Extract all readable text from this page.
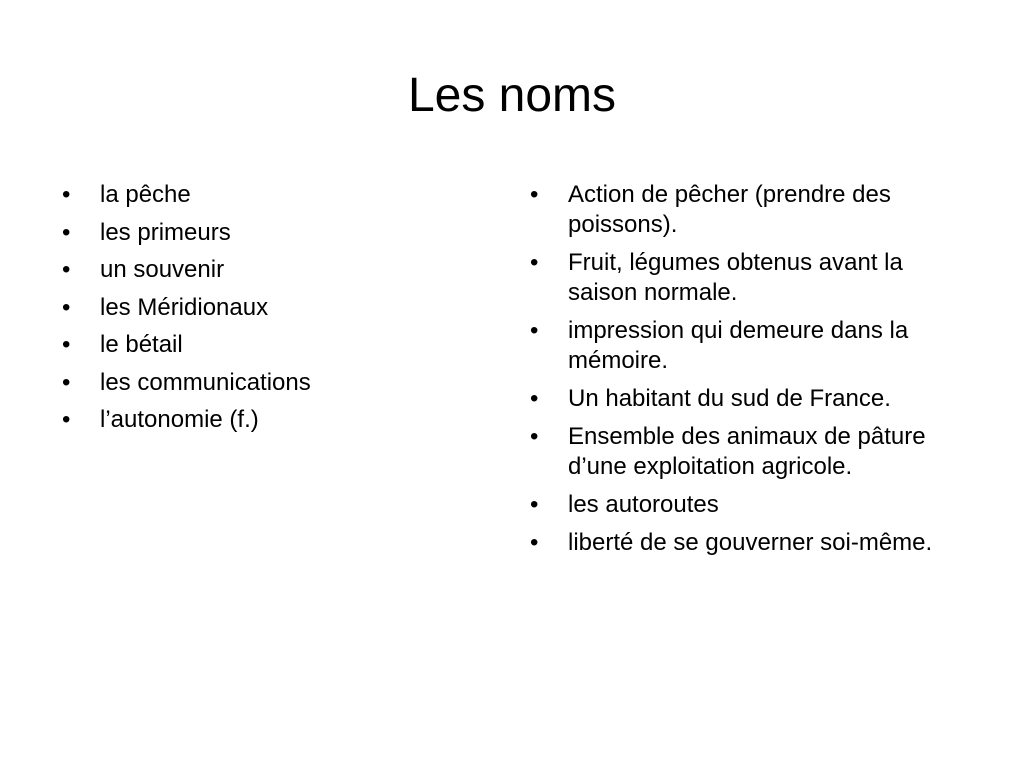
Les noms
•	la pêche
•	les primeurs
•	un souvenir
•	les Méridionaux
•	le bétail
•	les communications
•	l’autonomie (f.)
•	Action de pêcher (prendre des poissons).
•	Fruit, légumes obtenus avant la saison normale.
•	impression qui demeure dans la mémoire.
•	Un habitant du sud de France.
•	Ensemble des animaux de pâture d’une exploitation agricole.
•	les autoroutes
•	liberté de se gouverner soi-même.
